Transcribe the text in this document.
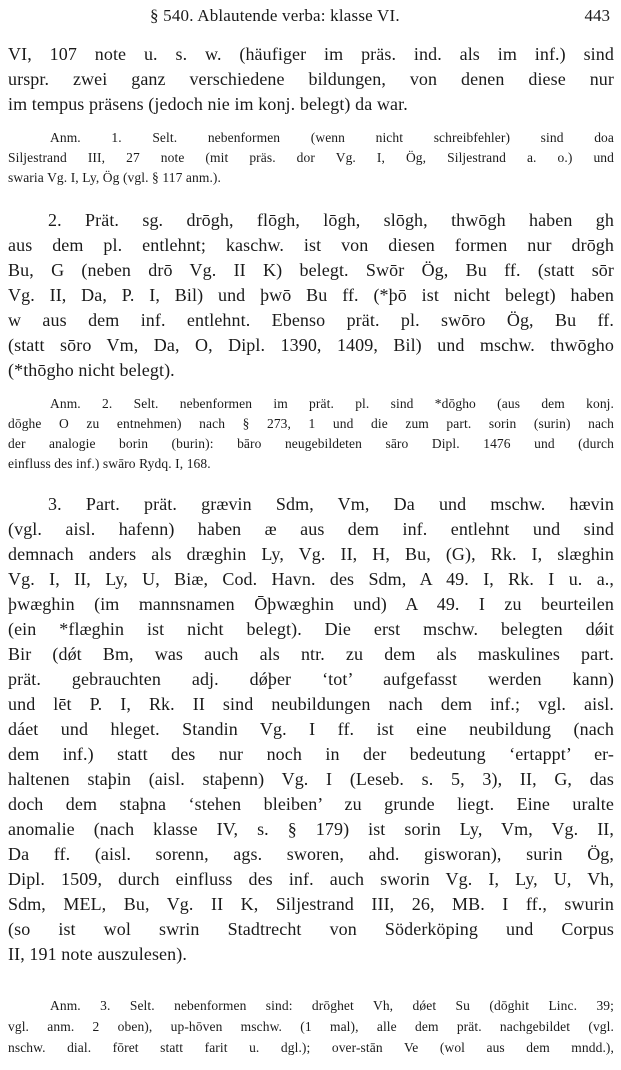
§ 540. Ablautende verba: klasse VI.	443
VI, 107 note u. s. w. (häufiger im präs. ind. als im inf.) sind
urspr. zwei ganz verschiedene bildungen, von denen diese nur
im tempus präsens (jedoch nie im konj. belegt) da war.
Anm. 1. Selt. nebenformen (wenn nicht schreibfehler) sind doa
Siljestrand III, 27 note (mit präs. dor Vg. I, Ög, Siljestrand a. o.) und
swaria Vg. I, Ly, Ög (vgl. § 117 anm.).
2. Prät. sg. drōgh, flōgh, lōgh, slōgh, thwōgh haben gh
aus dem pl. entlehnt; kaschw. ist von diesen formen nur drōgh
Bu, G (neben drō Vg. II K) belegt. Swōr Ög, Bu ff. (statt sōr
Vg. II, Da, P. I, Bil) und þwō Bu ff. (*þō ist nicht belegt) haben
w aus dem inf. entlehnt. Ebenso prät. pl. swōro Ög, Bu ff.
(statt sōro Vm, Da, O, Dipl. 1390, 1409, Bil) und mschw. thwōgho
(*thōgho nicht belegt).
Anm. 2. Selt. nebenformen im prät. pl. sind *dōgho (aus dem konj.
dōghe O zu entnehmen) nach § 273, 1 und die zum part. sorin (surin) nach
der analogie borin (burin): bāro neugebildeten sāro Dipl. 1476 und (durch
einfluss des inf.) swāro Rydq. I, 168.
3. Part. prät. grævin Sdm, Vm, Da und mschw. hævin
(vgl. aisl. hafenn) haben æ aus dem inf. entlehnt und sind
demnach anders als dræghin Ly, Vg. II, H, Bu, (G), Rk. I, slæghin
Vg. I, II, Ly, U, Biæ, Cod. Havn. des Sdm, A 49. I, Rk. I u. a.,
þwæghin (im mannsnamen Ōþwæghin und) A 49. I zu beurteilen
(ein *flæghin ist nicht belegt). Die erst mschw. belegten dǿit
Bir (dǿt Bm, was auch als ntr. zu dem als maskulines part.
prät. gebrauchten adj. dǿþer ‘tot’ aufgefasst werden kann)
und lēt P. I, Rk. II sind neubildungen nach dem inf.; vgl. aisl.
dáet und hleget. Standin Vg. I ff. ist eine neubildung (nach
dem inf.) statt des nur noch in der bedeutung ‘ertappt’ er-
haltenen staþin (aisl. staþenn) Vg. I (Leseb. s. 5, 3), II, G, das
doch dem staþna ‘stehen bleiben’ zu grunde liegt. Eine uralte
anomalie (nach klasse IV, s. § 179) ist sorin Ly, Vm, Vg. II,
Da ff. (aisl. sorenn, ags. sworen, ahd. gisworan), surin Ög,
Dipl. 1509, durch einfluss des inf. auch sworin Vg. I, Ly, U, Vh,
Sdm, MEL, Bu, Vg. II K, Siljestrand III, 26, MB. I ff., swurin
(so ist wol swrin Stadtrecht von Söderköping und Corpus
II, 191 note auszulesen).
Anm. 3. Selt. nebenformen sind: drōghet Vh, dǿet Su (dōghit Linc. 39;
vgl. anm. 2 oben), up-hōven mschw. (1 mal), alle dem prät. nachgebildet (vgl.
nschw. dial. fōret statt farit u. dgl.); over-stān Ve (wol aus dem mndd.),
